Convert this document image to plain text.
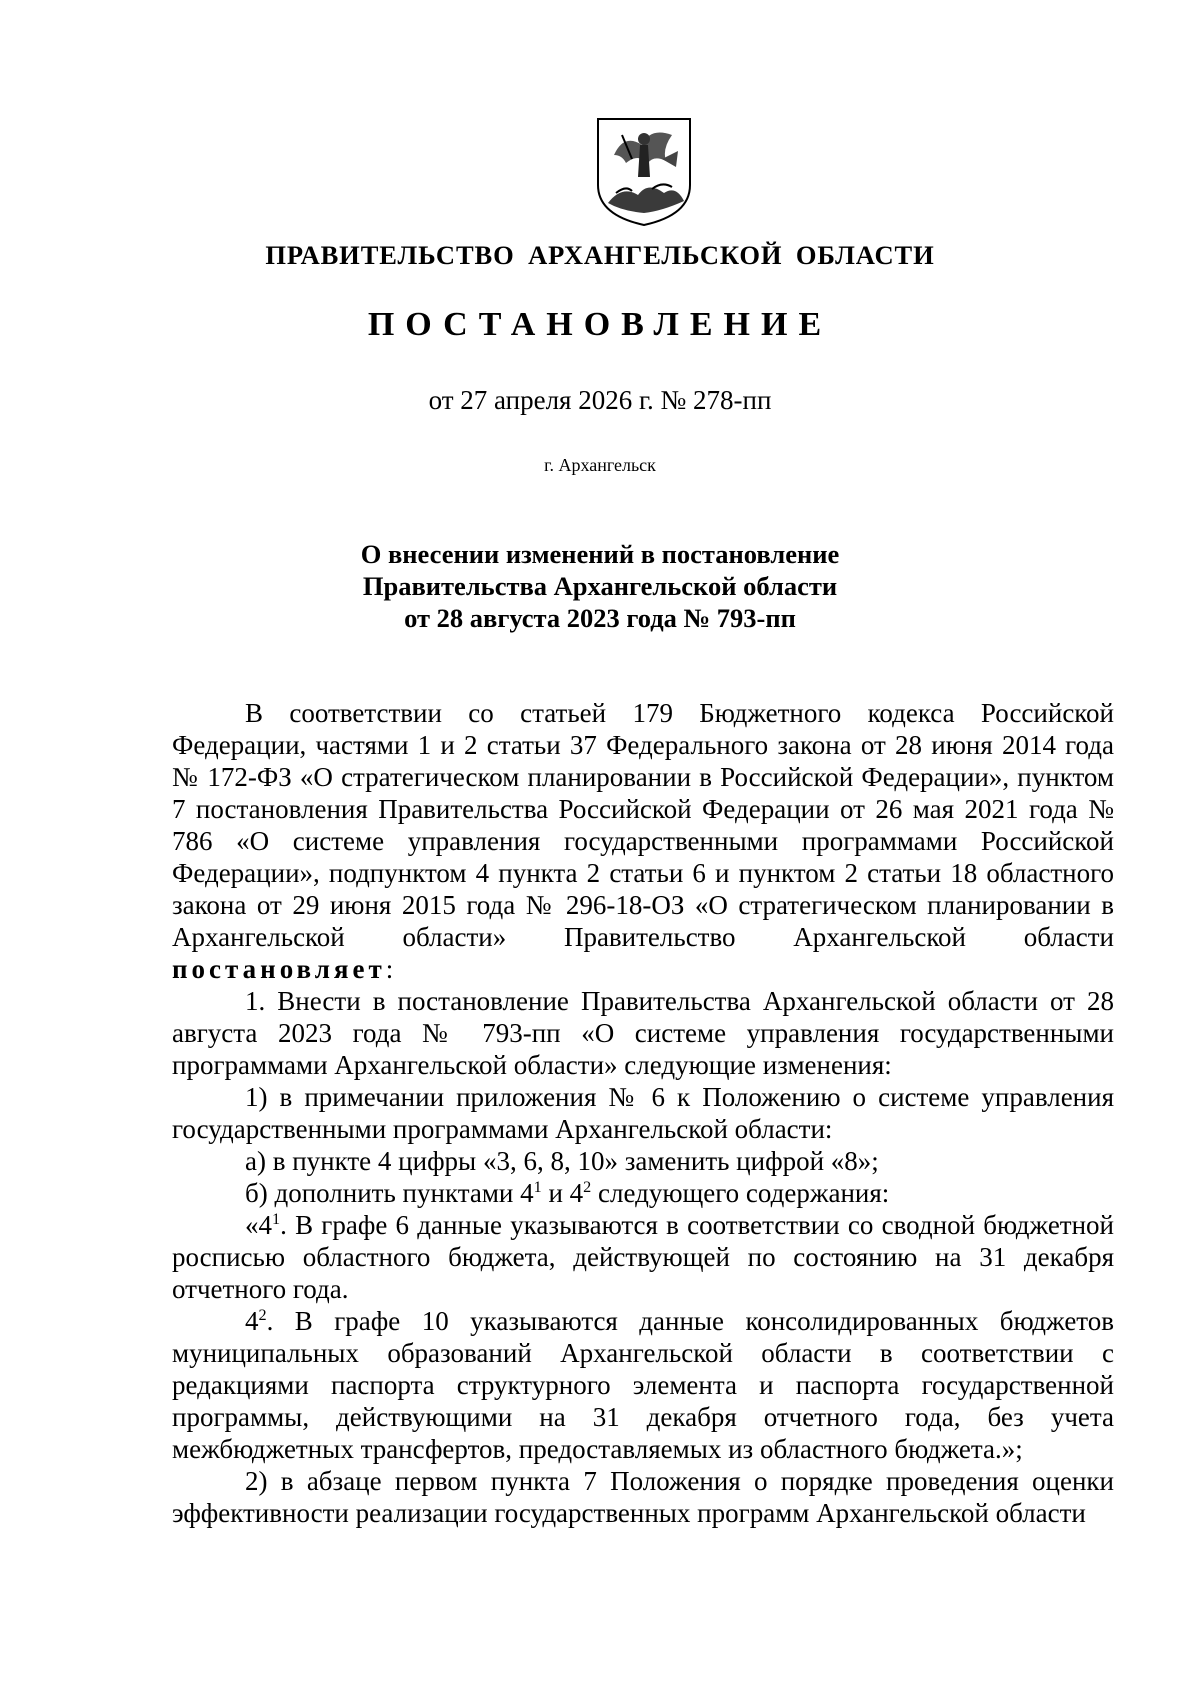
ПРАВИТЕЛЬСТВО АРХАНГЕЛЬСКОЙ ОБЛАСТИ
ПОСТАНОВЛЕНИЕ
от 27 апреля 2026 г. № 278-пп
г. Архангельск
О внесении изменений в постановление
Правительства Архангельской области
от 28 августа 2023 года № 793-пп

В соответствии со статьей 179 Бюджетного кодекса Российской Федерации, частями 1 и 2 статьи 37 Федерального закона от 28 июня 2014 года № 172-ФЗ «О стратегическом планировании в Российской Федерации», пунктом 7 постановления Правительства Российской Федерации от 26 мая 2021 года № 786 «О системе управления государственными программами Российской Федерации», подпунктом 4 пункта 2 статьи 6 и пунктом 2 статьи 18 областного закона от 29 июня 2015 года № 296-18-ОЗ «О стратегическом планировании в Архангельской области» Правительство Архангельской области постановляет:

1. Внести в постановление Правительства Архангельской области от 28 августа 2023 года № 793-пп «О системе управления государственными программами Архангельской области» следующие изменения:

1) в примечании приложения № 6 к Положению о системе управления государственными программами Архангельской области:

а) в пункте 4 цифры «3, 6, 8, 10» заменить цифрой «8»;

б) дополнить пунктами $4^1$ и $4^2$ следующего содержания:

«$4^1$. В графе 6 данные указываются в соответствии со сводной бюджетной росписью областного бюджета, действующей по состоянию на 31 декабря отчетного года.

$4^2$. В графе 10 указываются данные консолидированных бюджетов муниципальных образований Архангельской области в соответствии с редакциями паспорта структурного элемента и паспорта государственной программы, действующими на 31 декабря отчетного года, без учета межбюджетных трансфертов, предоставляемых из областного бюджета.»;

2) в абзаце первом пункта 7 Положения о порядке проведения оценки эффективности реализации государственных программ Архангельской области
